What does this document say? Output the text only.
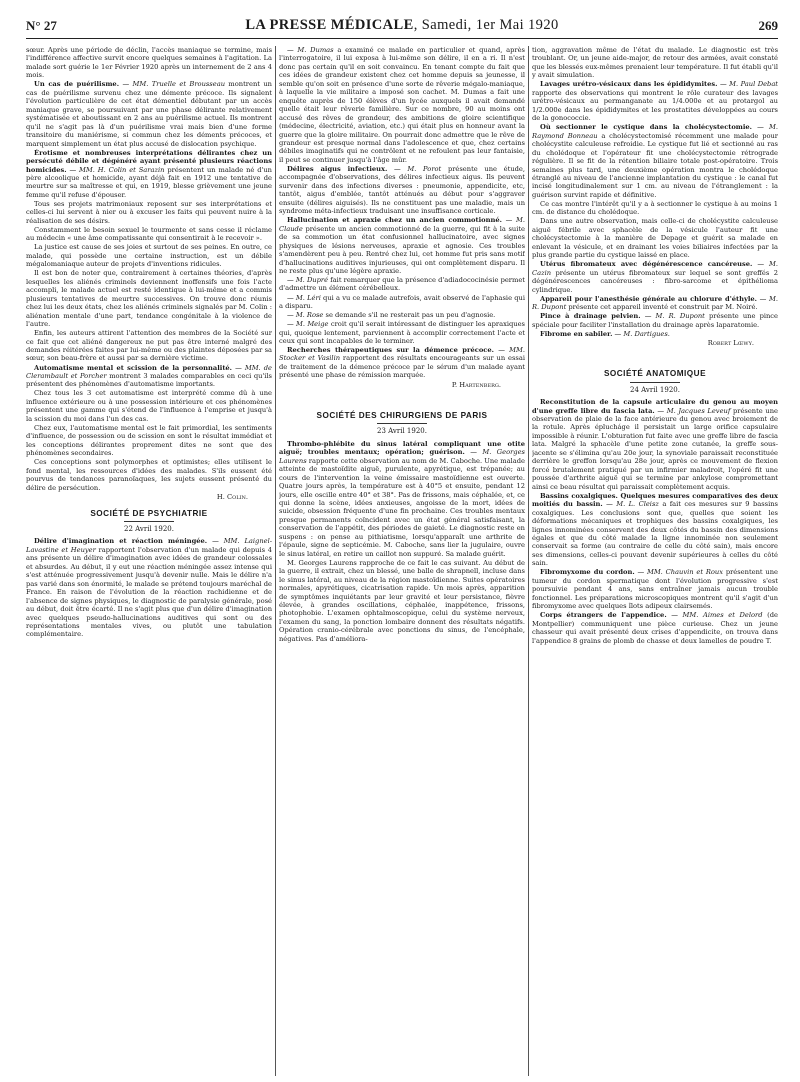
N° 27	LA PRESSE MÉDICALE, Samedi, 1er Mai 1920	269

sœur. Après une période de déclin, l'accès maniaque se termine, mais l'indifférence affective survit encore quelques semaines à l'agitation. La malade sort guérie le 1er Février 1920 après un internement de 2 ans 4 mois.

Un cas de puérilisme. — MM. Truelle et Brousseau montrent un cas de puérilisme survenu chez une démente précoce. Ils signalent l'évolution particulière de cet état démentiel débutant par un accès maniaque grave, se poursuivant par une phase délirante relativement systématisée et aboutissant en 2 ans au puérilisme actuel. Ils montrent qu'il ne s'agit pas là d'un puérilisme vrai mais bien d'une forme transitoire du maniérisme, si commun chez les déments précoces, et marquent simplement un état plus accusé de dislocation psychique.

Érotisme et nombreuses interprétations délirantes chez un persécuté débile et dégénéré ayant présenté plusieurs réactions homicides. — MM. H. Colin et Sarazin présentent un malade né d'un père alcoolique et homicide, ayant déjà fait en 1912 une tentative de meurtre sur sa maîtresse et qui, en 1919, blesse grièvement une jeune femme qu'il refuse d'épouser.

Tous ses projets matrimoniaux reposent sur ses interprétations et celles-ci lui servent à nier ou à excuser les faits qui peuvent nuire à la réalisation de ses désirs.

Constamment le besoin sexuel le tourmente et sans cesse il réclame au médecin « une âme compatissante qui consentirait à le recevoir ».

La justice est cause de ses joies et surtout de ses peines. En outre, ce malade, qui possède une certaine instruction, est un débile mégalomaniaque auteur de projets d'inventions ridicules.

Il est bon de noter que, contrairement à certaines théories, d'après lesquelles les aliénés criminels deviennent inoffensifs une fois l'acte accompli, le malade actuel est resté identique à lui-même et a commis plusieurs tentatives de meurtre successives. On trouve donc réunis chez lui les deux états, chez les aliénés criminels signalés par M. Colin : aliénation mentale d'une part, tendance congénitale à la violence de l'autre.

Enfin, les auteurs attirent l'attention des membres de la Société sur ce fait que cet aliéné dangereux ne put pas être interné malgré des demandes réitérées faites par lui-même ou des plaintes déposées par sa sœur, son beau-frère et aussi par sa dernière victime.

Automatisme mental et scission de la personnalité. — MM. de Clerambault et Porcher montrent 3 malades comparables en ceci qu'ils présentent des phénomènes d'automatisme importants.

Chez tous les 3 cet automatisme est interprété comme dû à une influence extérieure ou à une possession intérieure et ces phénomènes présentent une gamme qui s'étend de l'influence à l'emprise et jusqu'à la scission du moi dans l'un des cas.

Chez eux, l'automatisme mental est le fait primordial, les sentiments d'influence, de possession ou de scission en sont le résultat immédiat et les conceptions délirantes proprement dites ne sont que des phénomènes secondaires.

Ces conceptions sont polymorphes et optimistes; elles utilisent le fond mental, les ressources d'idées des malades. S'ils eussent été pourvus de tendances paranoïaques, les sujets eussent présenté du délire de persécution.

H. Colin.

SOCIÉTÉ DE PSYCHIATRIE
22 Avril 1920.

Délire d'imagination et réaction méningée. — MM. Laignel-Lavastine et Heuyer rapportent l'observation d'un malade qui depuis 4 ans présente un délire d'imagination avec idées de grandeur colossales et absurdes. Au début, il y eut une réaction méningée assez intense qui s'est atténuée progressivement jusqu'à devenir nulle. Mais le délire n'a pas varié dans son énormité, le malade se prétend toujours maréchal de France. En raison de l'évolution de la réaction rachidienne et de l'absence de signes physiques, le diagnostic de paralysie générale, posé au début, doit être écarté. Il ne s'agit plus que d'un délire d'imagination avec quelques pseudo-hallucinations auditives qui sont ou des représentations mentales vives, ou plutôt une tabulation complémentaire.

— M. Dumas a examiné ce malade en particulier et quand, après l'interrogatoire, il lui exposa à lui-même son délire, il en a ri. Il n'est donc pas certain qu'il en soit convaincu. En tenant compte du fait que ces idées de grandeur existent chez cet homme depuis sa jeunesse, il semble qu'on soit en présence d'une sorte de rêverie mégalo-maniaque, à laquelle la vie militaire a imposé son cachet. M. Dumas a fait une enquête auprès de 150 élèves d'un lycée auxquels il avait demandé quelle était leur rêverie familière. Sur ce nombre, 90 au moins ont accusé des rêves de grandeur, des ambitions de gloire scientifique (médecine, électricité, aviation, etc.) qui était plus en honneur avant la guerre que la gloire militaire. On pourrait donc admettre que le rêve de grandeur est presque normal dans l'adolescence et que, chez certains débiles imaginatifs qui ne contrôlent et ne refoulent pas leur fantaisie, il peut se continuer jusqu'à l'âge mûr.

Délires aigus infectieux. — M. Porot présente une étude, accompagnée d'observations, des délires infectieux aigus. Ils peuvent survenir dans des infections diverses : pneumonie, appendicite, etc, tantôt, aigus d'emblée, tantôt atténués au début pour s'aggraver ensuite (délires aiguisés). Ils ne constituent pas une maladie, mais un syndrome méta-infectieux traduisant une insuffisance corticale.

Hallucination et apraxie chez un ancien commotionné. — M. Claude présente un ancien commotionné de la guerre, qui fit à la suite de sa commotion un état confusionnel hallucinatoire, avec signes physiques de lésions nerveuses, apraxie et agnosie. Ces troubles s'amendèrent peu à peu. Rentré chez lui, cet homme fut pris sans motif d'hallucinations auditives injurieuses, qui ont complètement disparu. Il ne reste plus qu'une légère apraxie.

— M. Dupré fait remarquer que la présence d'adiadococinésie permet d'admettre un élément cérébelleux.

— M. Léri qui a vu ce malade autrefois, avait observé de l'aphasie qui a disparu.

— M. Rose se demande s'il ne resterait pas un peu d'agnosie.

— M. Meige croit qu'il serait intéressant de distinguer les apraxiques qui, quoique lentement, parviennent à accomplir correctement l'acte et ceux qui sont incapables de le terminer.

Recherches thérapeutiques sur la démence précoce. — MM. Stocker et Vasilin rapportent des résultats encourageants sur un essai de traitement de la démence précoce par le sérum d'un malade ayant présenté une phase de rémission marquée.

P. Hartenberg.

SOCIÉTÉ DES CHIRURGIENS DE PARIS
23 Avril 1920.

Thrombo-phlébite du sinus latéral compliquant une otite aiguë; troubles mentaux; opération; guérison. — M. Georges Laurens rapporte cette observation au nom de M. Caboche. Une malade atteinte de mastoïdite aiguë, purulente, apyrétique, est trépanée; au cours de l'intervention la veine émissaire mastoïdienne est ouverte. Quatre jours après, la température est à 40°5 et ensuite, pendant 12 jours, elle oscille entre 40° et 38°. Pas de frissons, mais céphalée, et, ce qui donne la scène, idées anxieuses, angoisse de la mort, idées de suicide, obsession fréquente d'une fin prochaine. Ces troubles mentaux presque permanents coïncident avec un état général satisfaisant, la conservation de l'appétit, des périodes de gaieté. Le diagnostic reste en suspens : on pense au pithiatisme, lorsqu'apparaît une arthrite de l'épaule, signe de septicémie. M. Caboche, sans lier la jugulaire, ouvre le sinus latéral, en retire un caillot non suppuré. Sa malade guérit.

M. Georges Laurens rapproche de ce fait le cas suivant. Au début de la guerre, il extrait, chez un blessé, une balle de shrapnell, incluse dans le sinus latéral, au niveau de la région mastoïdienne. Suites opératoires normales, apyrétiques, cicatrisation rapide. Un mois après, apparition de symptômes inquiétants par leur gravité et leur persistance, fièvre élevée, à grandes oscillations, céphalée, inappétence, frissons, photophobie. L'examen ophtalmoscopique, celui du système nerveux, l'examen du sang, la ponction lombaire donnent des résultats négatifs. Opération cranio-cérébrale avec ponctions du sinus, de l'encéphale, négatives. Pas d'améliora-

tion, aggravation même de l'état du malade. Le diagnostic est très troublant. Or, un jeune aide-major, de retour des armées, avait constaté que les blessés eux-mêmes prenaient leur température. Il fut établi qu'il y avait simulation.

Lavages urétro-vésicaux dans les épididymites. — M. Paul Debat rapporte des observations qui montrent le rôle curateur des lavages urétro-vésicaux au permanganate au 1/4.000e et au protargol au 1/2.000e dans les épididymites et les prostatites développées au cours de la gonococcie.

Où sectionner le cystique dans la cholécystectomie. — M. Raymond Bonneau a cholécystectomisé récemment une malade pour cholécystite calculeuse refroidie. Le cystique fut lié et sectionné au ras du cholédoque et l'opérateur fit une cholécystectomie rétrograde régulière. Il se fit de la rétention biliaire totale post-opératoire. Trois semaines plus tard, une deuxième opération montra le cholédoque étranglé au niveau de l'ancienne implantation du cystique : le canal fut incisé longitudinalement sur 1 cm. au niveau de l'étranglement : la guérison survint rapide et définitive.

Ce cas montre l'intérêt qu'il y a à sectionner le cystique à au moins 1 cm. de distance du cholédoque.

Dans une autre observation, mais celle-ci de cholécystite calculeuse aiguë fébrile avec sphacèle de la vésicule l'auteur fit une cholécystectomie à la manière de Depage et guérit sa malade en enlevant la vésicule, et en drainant les voies biliaires infectées par la plus grande partie du cystique laissé en place.

Utérus fibromateux avec dégénérescence cancéreuse. — M. Cazin présente un utérus fibromateux sur lequel se sont greffés 2 dégénérescences cancéreuses : fibro-sarcome et épithélioma cylindrique.

Appareil pour l'anesthésie générale au chlorure d'éthyle. — M. R. Dupont présente cet appareil inventé et construit par M. Noiré.

Pince à drainage pelvien. — M. R. Dupont présente une pince spéciale pour faciliter l'installation du drainage après laparatomie.

Fibrome en sabiler. — M. Dartigues.

Robert Lœwy.

SOCIÉTÉ ANATOMIQUE
24 Avril 1920.

Reconstitution de la capsule articulaire du genou au moyen d'une greffe libre du fascia lata. — M. Jacques Leveuf présente une observation de plaie de la face antérieure du genou avec broiement de la rotule. Après éplucháge il persistait un large orifice capsulaire impossible à réunir. L'obturation fut faite avec une greffe libre de fascia lata. Malgré la sphacèle d'une petite zone cutanée, la greffe sous-jacente se s'élimina qu'au 20e jour, la synoviale paraissait reconstituée derrière le greffon lorsqu'au 28e jour, après ce mouvement de flexion forcé brutalement pratiqué par un infirmier maladroit, l'opéré fit une poussée d'arthrite aiguë qui se termine par ankylose compromettant ainsi ce beau résultat qui paraissait complètement acquis.

Bassins coxalgiques. Quelques mesures comparatives des deux moitiés du bassin. — M. L. Cleisz a fait ces mesures sur 9 bassins coxalgiques. Les conclusions sont que, quelles que soient les déformations mécaniques et trophiques des bassins coxalgiques, les lignes innominées conservent des deux côtés du bassin des dimensions égales et que du côté malade la ligne innominée non seulement conservait sa forme (au contraire de celle du côté sain), mais encore ses dimensions, celles-ci pouvant devenir supérieures à celles du côté sain.

Fibromyxome du cordon. — MM. Chauvin et Roux présentent une tumeur du cordon spermatique dont l'évolution progressive s'est poursuivie pendant 4 ans, sans entraîner jamais aucun trouble fonctionnel. Les préparations microscopiques montrent qu'il s'agit d'un fibromyxome avec quelques îlots adipeux clairsemés.

Corps étrangers de l'appendice. — MM. Aimes et Delord (de Montpellier) communiquent une pièce curieuse. Chez un jeune chasseur qui avait présenté deux crises d'appendicite, on trouva dans l'appendice 8 grains de plomb de chasse et deux lamelles de poudre T.
